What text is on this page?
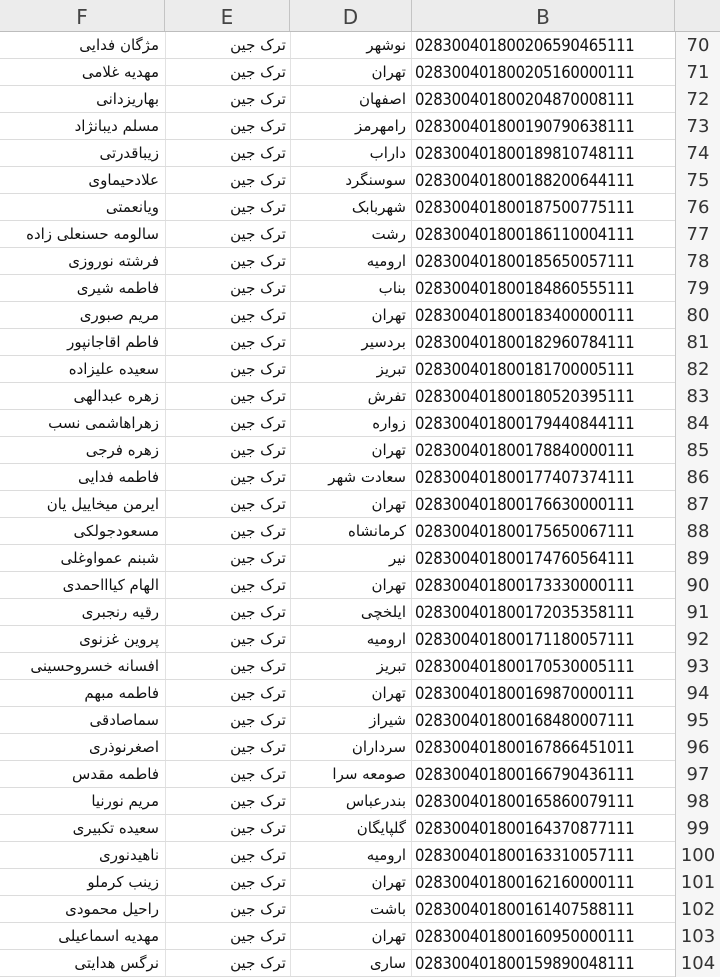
F	E	D	B
مژگان فدایی	ترک جین	نوشهر 028300401800206590465111	70
مهدیه غلامی	ترک جین	تهران 028300401800205160000111	71
بهاریزدانی	ترک جین	اصفهان 028300401800204870008111	72
مسلم دیبانژاد	ترک جین	رامهرمز 028300401800190790638111	73
زیباقدرتی	ترک جین	داراب 028300401800189810748111	74
علادحیماوی	ترک جین	سوسنگرد 028300401800188200644111	75
ویانعمتی	ترک جین	شهربابک 028300401800187500775111	76
سالومه حسنعلی زاده	ترک جین	رشت 028300401800186110004111	77
فرشته نوروزی	ترک جین	ارومیه 028300401800185650057111	78
فاطمه شیری	ترک جین	بناب 028300401800184860555111	79
مریم صبوری	ترک جین	تهران 028300401800183400000111	80
فاطم اقاجانپور	ترک جین	بردسیر 028300401800182960784111	81
سعیده علیزاده	ترک جین	تبریز 028300401800181700005111	82
زهره عبدالهی	ترک جین	تفرش 028300401800180520395111	83
زهراهاشمی نسب	ترک جین	زواره 028300401800179440844111	84
زهره فرجی	ترک جین	تهران 028300401800178840000111	85
فاطمه فدایی	ترک جین	سعادت شهر 028300401800177407374111	86
ایرمن میخاییل یان	ترک جین	تهران 028300401800176630000111	87
مسعودجولکی	ترک جین	کرمانشاه 028300401800175650067111	88
شبنم عمواوغلی	ترک جین	نیر 028300401800174760564111	89
الهام کیاااحمدی	ترک جین	تهران 028300401800173330000111	90
رقیه رنجبری	ترک جین	ایلخچی 028300401800172035358111	91
پروین غزنوی	ترک جین	ارومیه 028300401800171180057111	92
افسانه خسروحسینی	ترک جین	تبریز 028300401800170530005111	93
فاطمه مبهم	ترک جین	تهران 028300401800169870000111	94
سماصادقی	ترک جین	شیراز 028300401800168480007111	95
اصغرنوذری	ترک جین	سرداران 028300401800167866451011	96
فاطمه مقدس	ترک جین	صومعه سرا 028300401800166790436111	97
مریم نورنیا	ترک جین	بندرعباس 028300401800165860079111	98
سعیده تکبیری	ترک جین	گلپایگان 028300401800164370877111	99
ناهیدنوری	ترک جین	ارومیه 028300401800163310057111	100
زینب کرملو	ترک جین	تهران 028300401800162160000111	101
راحیل محمودی	ترک جین	باشت 028300401800161407588111	102
مهدیه اسماعیلی	ترک جین	تهران 028300401800160950000111	103
نرگس هدایتی	ترک جین	ساری 028300401800159890048111	104
